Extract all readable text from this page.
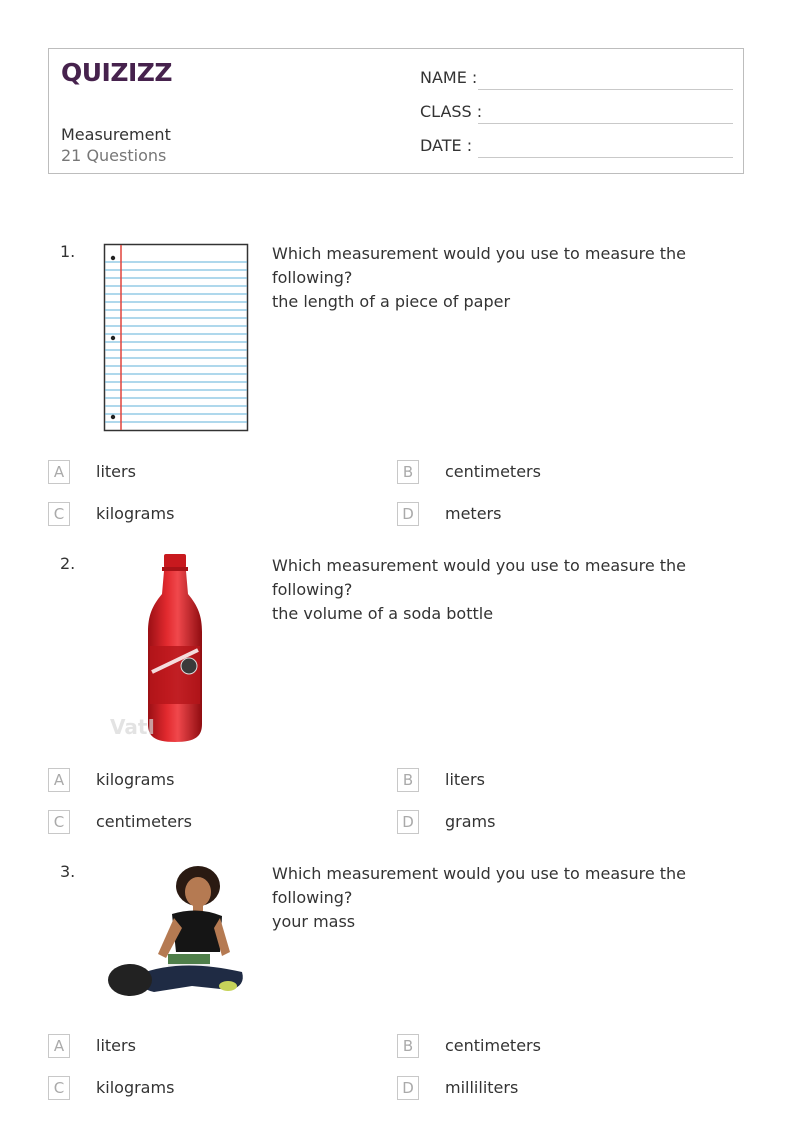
QUIZIZZ
Measurement
21 Questions
NAME :
CLASS :
DATE :
1.	Which measurement would you use to measure the following?
the length of a piece of paper
A	liters	B	centimeters
C	kilograms	D	meters
2.
VatI
Which measurement would you use to measure the following?
the volume of a soda bottle
A	kilograms	B	liters
C	centimeters	D	grams
3.	Which measurement would you use to measure the following?
your mass
A	liters	B	centimeters
C	kilograms	D	milliliters
